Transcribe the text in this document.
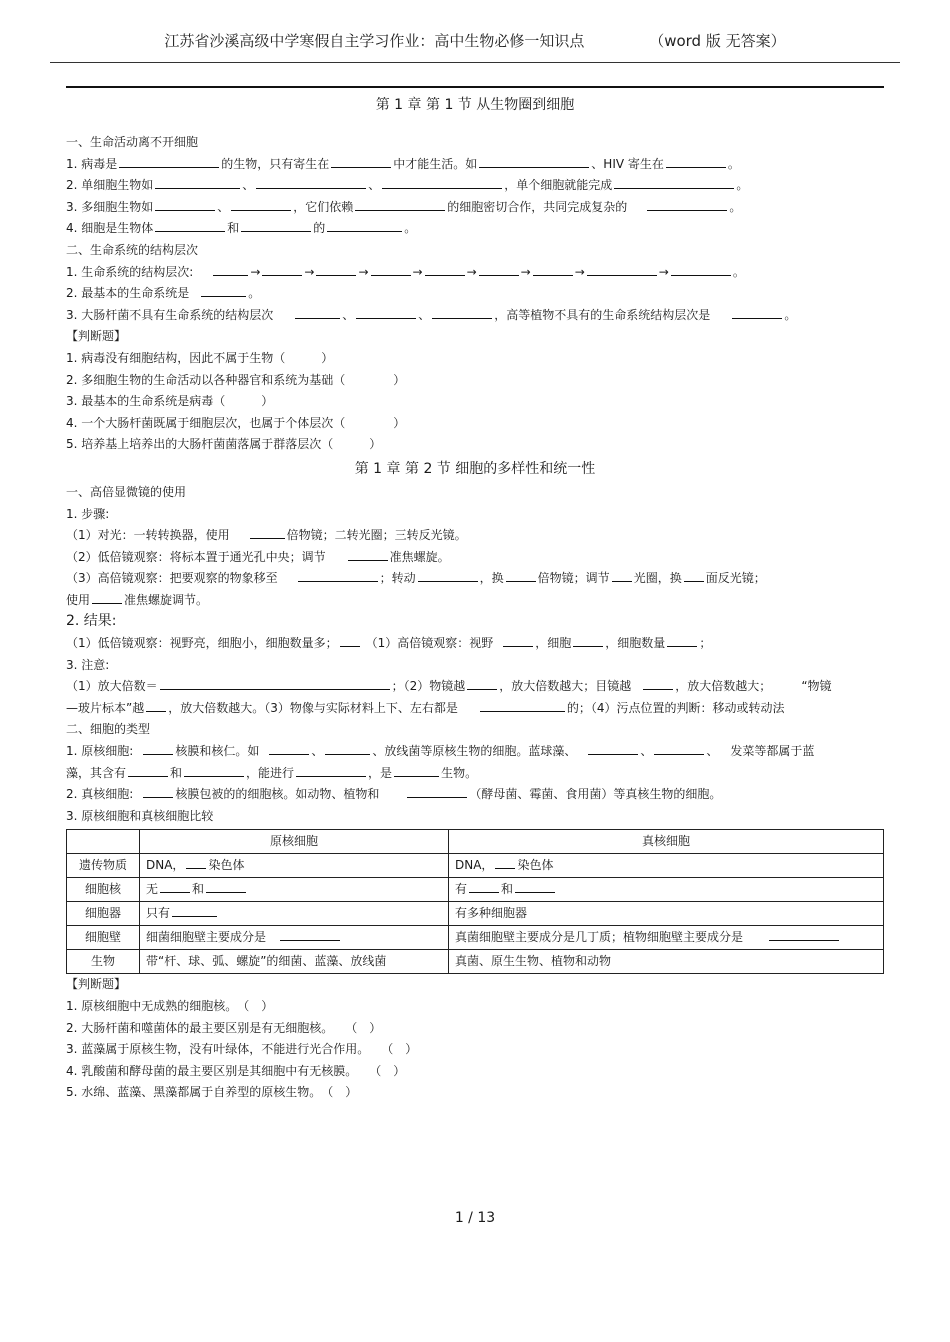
江苏省沙溪高级中学寒假自主学习作业：高中生物必修一知识点	（word 版 无答案）
第 1 章 第 1 节 从生物圈到细胞
一、生命活动离不开细胞
1. 病毒是	的生物，只有寄生在	中才能生活。如	、HIV 寄生在	。
2. 单细胞生物如	、	、	，单个细胞就能完成	。
3. 多细胞生物如	、	，它们依赖	的细胞密切合作，共同完成复杂的	。
4. 细胞是生物体	和	的	。
二、生命系统的结构层次
1. 生命系统的结构层次:	→	→	→	→	→	→	→	→	。
2. 最基本的生命系统是	。
3. 大肠杆菌不具有生命系统的结构层次	、	、	，高等植物不具有的生命系统结构层次是	。
【判断题】
1. 病毒没有细胞结构，因此不属于生物（　　　）
2. 多细胞生物的生命活动以各种器官和系统为基础（　　　　）
3. 最基本的生命系统是病毒（　　　）
4. 一个大肠杆菌既属于细胞层次，也属于个体层次（　　　　）
5. 培养基上培养出的大肠杆菌菌落属于群落层次（　　　）
第 1 章 第 2 节 细胞的多样性和统一性
一、高倍显微镜的使用
1. 步骤:
（1）对光：一转转换器，使用	倍物镜；二转光圈；三转反光镜。
（2）低倍镜观察：将标本置于通光孔中央；调节	准焦螺旋。
（3）高倍镜观察：把要观察的物象移至	；转动	，换	倍物镜；调节 光圈，换 面反光镜；
使用	准焦螺旋调节。
2. 结果:
（1）低倍镜观察：视野亮，细胞小，细胞数量多； （1）高倍镜观察：视野	，细胞	，细胞数量	；
3. 注意:
（1）放大倍数＝	；（2）物镜越	，放大倍数越大；目镜越	，放大倍数越大；	“物镜
—玻片标本”越 ，放大倍数越大。（3）物像与实际材料上下、左右都是	的；（4）污点位置的判断：移动或转动法
二、细胞的类型
1. 原核细胞:	核膜和核仁。如	、	、放线菌等原核生物的细胞。蓝球藻、	、	、 发菜等都属于蓝
藻，其含有	和	，能进行	，是	生物。
2. 真核细胞:	核膜包被的的细胞核。如动物、植物和	（酵母菌、霉菌、食用菌）等真核生物的细胞。
3. 原核细胞和真核细胞比较
	原核细胞	真核细胞
遗传物质	DNA， 染色体	DNA， 染色体
细胞核	无 和	有 和
细胞器	只有	有多种细胞器
细胞壁	细菌细胞壁主要成分是	真菌细胞壁主要成分是几丁质；植物细胞壁主要成分是
生物	带“杆、球、弧、螺旋”的细菌、蓝藻、放线菌	真菌、原生生物、植物和动物
【判断题】
1. 原核细胞中无成熟的细胞核。　（　）
2. 大肠杆菌和噬菌体的最主要区别是有无细胞核。　　（　）
3. 蓝藻属于原核生物，没有叶绿体，不能进行光合作用。　　（　）
4. 乳酸菌和酵母菌的最主要区别是其细胞中有无核膜。　　（　）
5. 水绵、蓝藻、黑藻都属于自养型的原核生物。　（　）
1 / 13
